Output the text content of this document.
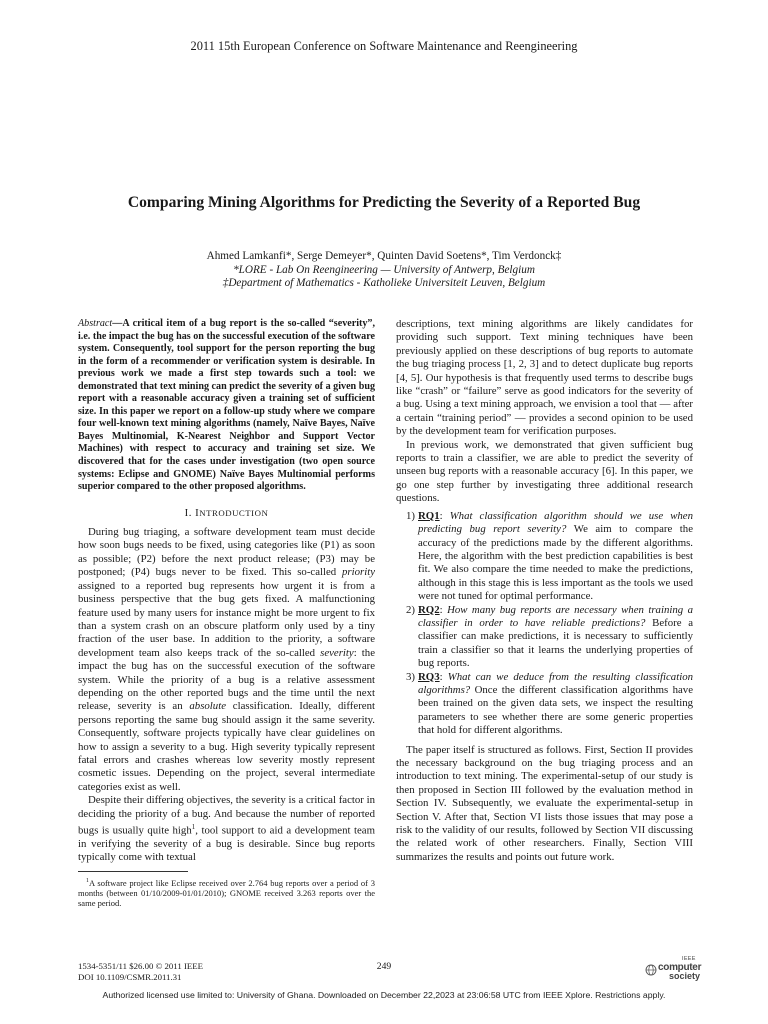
2011 15th European Conference on Software Maintenance and Reengineering
Comparing Mining Algorithms for Predicting the Severity of a Reported Bug
Ahmed Lamkanfi*, Serge Demeyer*, Quinten David Soetens*, Tim Verdonck‡
*LORE - Lab On Reengineering — University of Antwerp, Belgium
‡Department of Mathematics - Katholieke Universiteit Leuven, Belgium

Abstract—A critical item of a bug report is the so-called “severity”, i.e. the impact the bug has on the successful execution of the software system. Consequently, tool support for the person reporting the bug in the form of a recommender or verification system is desirable. In previous work we made a first step towards such a tool: we demonstrated that text mining can predict the severity of a given bug report with a reasonable accuracy given a training set of sufficient size. In this paper we report on a follow-up study where we compare four well-known text mining algorithms (namely, Naïve Bayes, Naïve Bayes Multinomial, K-Nearest Neighbor and Support Vector Machines) with respect to accuracy and training set size. We discovered that for the cases under investigation (two open source systems: Eclipse and GNOME) Naïve Bayes Multinomial performs superior compared to the other proposed algorithms.

I. INTRODUCTION

During bug triaging, a software development team must decide how soon bugs needs to be fixed, using categories like (P1) as soon as possible; (P2) before the next product release; (P3) may be postponed; (P4) bugs never to be fixed. This so-called priority assigned to a reported bug represents how urgent it is from a business perspective that the bug gets fixed. A malfunctioning feature used by many users for instance might be more urgent to fix than a system crash on an obscure platform only used by a tiny fraction of the user base. In addition to the priority, a software development team also keeps track of the so-called severity: the impact the bug has on the successful execution of the software system. While the priority of a bug is a relative assessment depending on the other reported bugs and the time until the next release, severity is an absolute classification. Ideally, different persons reporting the same bug should assign it the same severity. Consequently, software projects typically have clear guidelines on how to assign a severity to a bug. High severity typically represent fatal errors and crashes whereas low severity mostly represent cosmetic issues. Depending on the project, several intermediate categories exist as well.

Despite their differing objectives, the severity is a critical factor in deciding the priority of a bug. And because the number of reported bugs is usually quite high$^1$, tool support to aid a development team in verifying the severity of a bug is desirable. Since bug reports typically come with textual

$^1$A software project like Eclipse received over 2.764 bug reports over a period of 3 months (between 01/10/2009-01/01/2010); GNOME received 3.263 reports over the same period.

descriptions, text mining algorithms are likely candidates for providing such support. Text mining techniques have been previously applied on these descriptions of bug reports to automate the bug triaging process [1, 2, 3] and to detect duplicate bug reports [4, 5]. Our hypothesis is that frequently used terms to describe bugs like “crash” or “failure” serve as good indicators for the severity of a bug. Using a text mining approach, we envision a tool that — after a certain “training period” — provides a second opinion to be used by the development team for verification purposes.

In previous work, we demonstrated that given sufficient bug reports to train a classifier, we are able to predict the severity of unseen bug reports with a reasonable accuracy [6]. In this paper, we go one step further by investigating three additional research questions.

1) RQ1: What classification algorithm should we use when predicting bug report severity? We aim to compare the accuracy of the predictions made by the different algorithms. Here, the algorithm with the best prediction capabilities is best fit. We also compare the time needed to make the predictions, although in this stage this is less important as the tools we used were not tuned for optimal performance.
2) RQ2: How many bug reports are necessary when training a classifier in order to have reliable predictions? Before a classifier can make predictions, it is necessary to sufficiently train a classifier so that it learns the underlying properties of bug reports.
3) RQ3: What can we deduce from the resulting classification algorithms? Once the different classification algorithms have been trained on the given data sets, we inspect the resulting parameters to see whether there are some generic properties that hold for different algorithms.

The paper itself is structured as follows. First, Section II provides the necessary background on the bug triaging process and an introduction to text mining. The experimental-setup of our study is then proposed in Section III followed by the evaluation method in Section IV. Subsequently, we evaluate the experimental-setup in Section V. After that, Section VI lists those issues that may pose a risk to the validity of our results, followed by Section VII discussing the related work of other researchers. Finally, Section VIII summarizes the results and points out future work.

1534-5351/11 $26.00 © 2011 IEEE
DOI 10.1109/CSMR.2011.31
249
IEEE
computer
society
Authorized licensed use limited to: University of Ghana. Downloaded on December 22,2023 at 23:06:58 UTC from IEEE Xplore. Restrictions apply.
